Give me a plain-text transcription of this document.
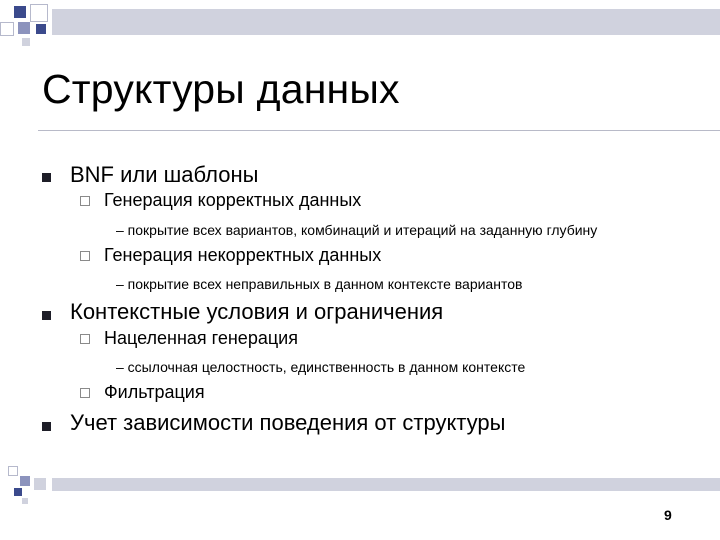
Структуры данных
BNF или шаблоны
Генерация корректных данных
– покрытие всех вариантов, комбинаций и итераций на заданную глубину
Генерация некорректных данных
– покрытие всех неправильных в данном контексте вариантов
Контекстные условия и ограничения
Нацеленная генерация
– ссылочная целостность, единственность в данном контексте
Фильтрация
Учет зависимости поведения от структуры
9
